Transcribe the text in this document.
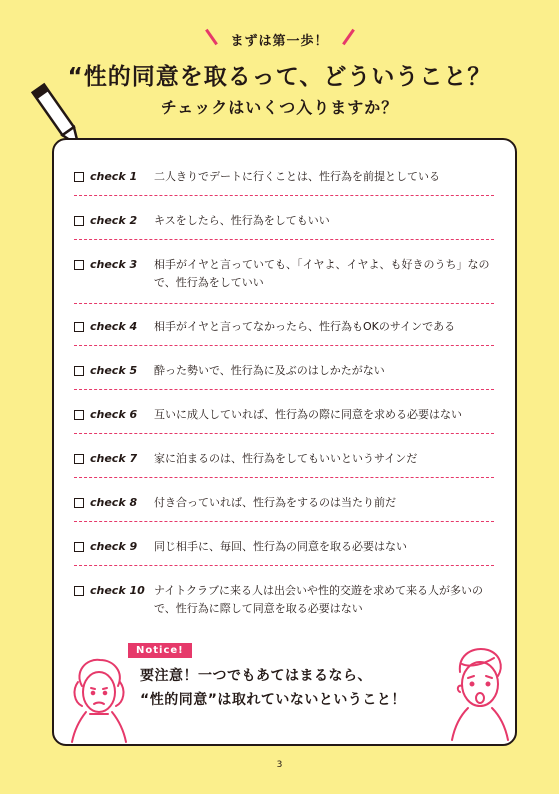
まずは第一歩！
“性的同意を取るって、どういうこと？
チェックはいくつ入りますか？
check 1	二人きりでデートに行くことは、性行為を前提としている
check 2	キスをしたら、性行為をしてもいい
check 3	相手がイヤと言っていても、「イヤよ、イヤよ、も好きのうち」なので、性行為をしていい
check 4	相手がイヤと言ってなかったら、性行為もOKのサインである
check 5	酔った勢いで、性行為に及ぶのはしかたがない
check 6	互いに成人していれば、性行為の際に同意を求める必要はない
check 7	家に泊まるのは、性行為をしてもいいというサインだ
check 8	付き合っていれば、性行為をするのは当たり前だ
check 9	同じ相手に、毎回、性行為の同意を取る必要はない
check 10 ナイトクラブに来る人は出会いや性的交遊を求めて来る人が多いので、性行為に際して同意を取る必要はない
Notice!
要注意！一つでもあてはまるなら、
“性的同意”は取れていないということ！
3
